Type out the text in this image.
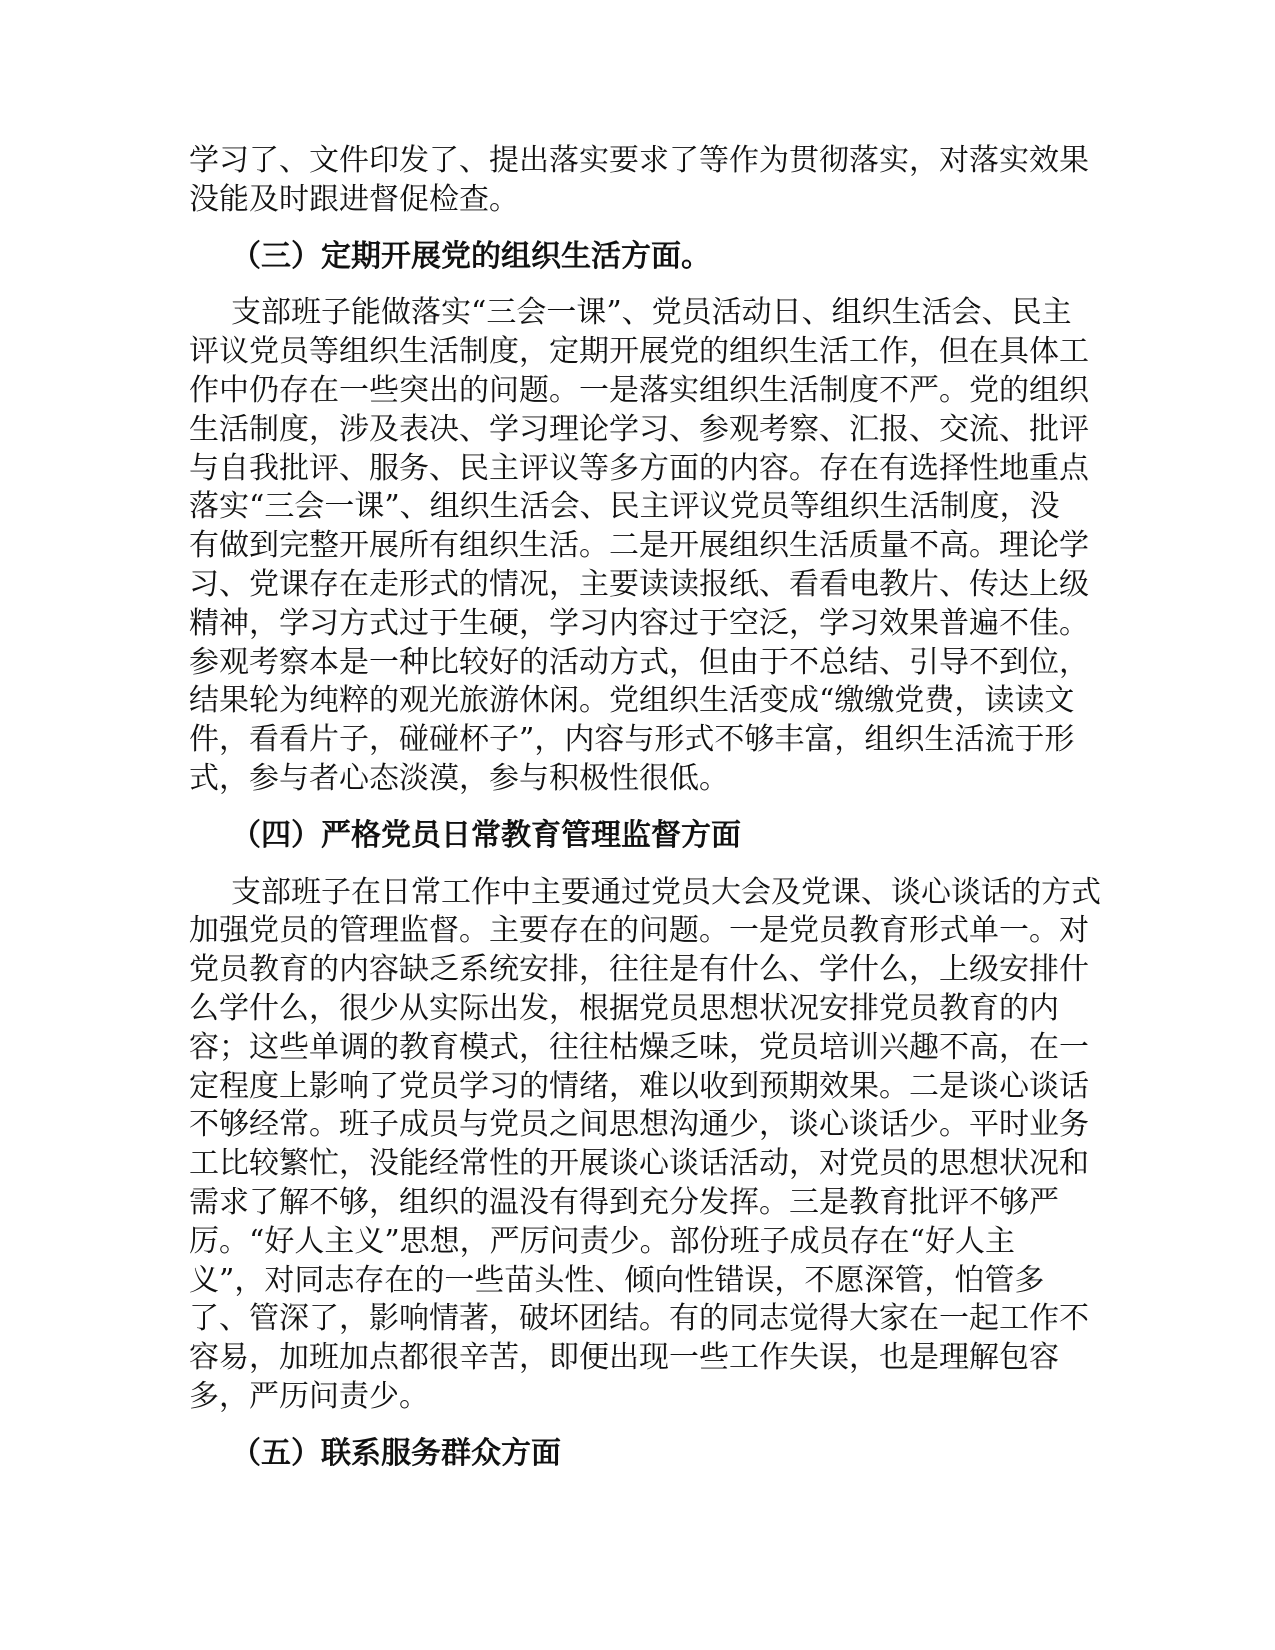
学习了、文件印发了、提出落实要求了等作为贯彻落实，对落实效果
没能及时跟进督促检查。
（三）定期开展党的组织生活方面。
支部班子能做落实“三会一课”、党员活动日、组织生活会、民主
评议党员等组织生活制度，定期开展党的组织生活工作，但在具体工
作中仍存在一些突出的问题。一是落实组织生活制度不严。党的组织
生活制度，涉及表决、学习理论学习、参观考察、汇报、交流、批评
与自我批评、服务、民主评议等多方面的内容。存在有选择性地重点
落实“三会一课”、组织生活会、民主评议党员等组织生活制度，没
有做到完整开展所有组织生活。二是开展组织生活质量不高。理论学
习、党课存在走形式的情况，主要读读报纸、看看电教片、传达上级
精神，学习方式过于生硬，学习内容过于空泛，学习效果普遍不佳。
参观考察本是一种比较好的活动方式，但由于不总结、引导不到位，
结果轮为纯粹的观光旅游休闲。党组织生活变成“缴缴党费，读读文
件，看看片子，碰碰杯子”，内容与形式不够丰富，组织生活流于形
式，参与者心态淡漠，参与积极性很低。
（四）严格党员日常教育管理监督方面
支部班子在日常工作中主要通过党员大会及党课、谈心谈话的方式
加强党员的管理监督。主要存在的问题。一是党员教育形式单一。对
党员教育的内容缺乏系统安排，往往是有什么、学什么，上级安排什
么学什么，很少从实际出发，根据党员思想状况安排党员教育的内
容；这些单调的教育模式，往往枯燥乏味，党员培训兴趣不高，在一
定程度上影响了党员学习的情绪，难以收到预期效果。二是谈心谈话
不够经常。班子成员与党员之间思想沟通少，谈心谈话少。平时业务
工比较繁忙，没能经常性的开展谈心谈话活动，对党员的思想状况和
需求了解不够，组织的温没有得到充分发挥。三是教育批评不够严
厉。“好人主义”思想，严厉问责少。部份班子成员存在“好人主
义”，对同志存在的一些苗头性、倾向性错误，不愿深管，怕管多
了、管深了，影响情著，破坏团结。有的同志觉得大家在一起工作不
容易，加班加点都很辛苦，即便出现一些工作失误，也是理解包容
多，严历问责少。
（五）联系服务群众方面
